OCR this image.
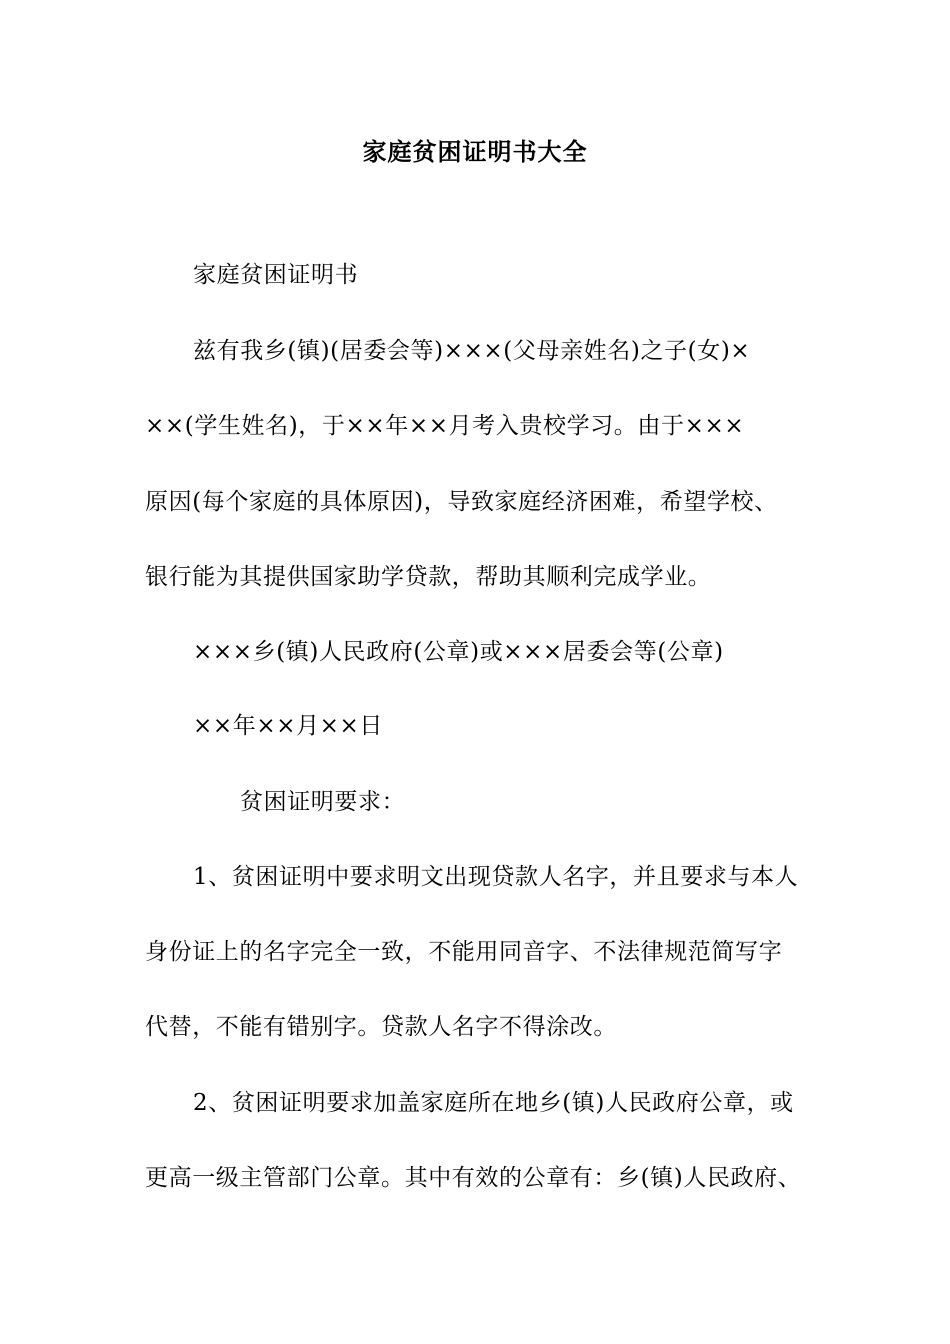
家庭贫困证明书大全
家庭贫困证明书
兹有我乡(镇)(居委会等)×××(父母亲姓名)之子(女)×
××(学生姓名)，于××年××月考入贵校学习。由于×××
原因(每个家庭的具体原因)，导致家庭经济困难，希望学校、
银行能为其提供国家助学贷款，帮助其顺利完成学业。
×××乡(镇)人民政府(公章)或×××居委会等(公章)
××年××月××日
贫困证明要求：
1、贫困证明中要求明文出现贷款人名字，并且要求与本人
身份证上的名字完全一致，不能用同音字、不法律规范简写字
代替，不能有错别字。贷款人名字不得涂改。
2、贫困证明要求加盖家庭所在地乡(镇)人民政府公章，或
更高一级主管部门公章。其中有效的公章有：乡(镇)人民政府、
